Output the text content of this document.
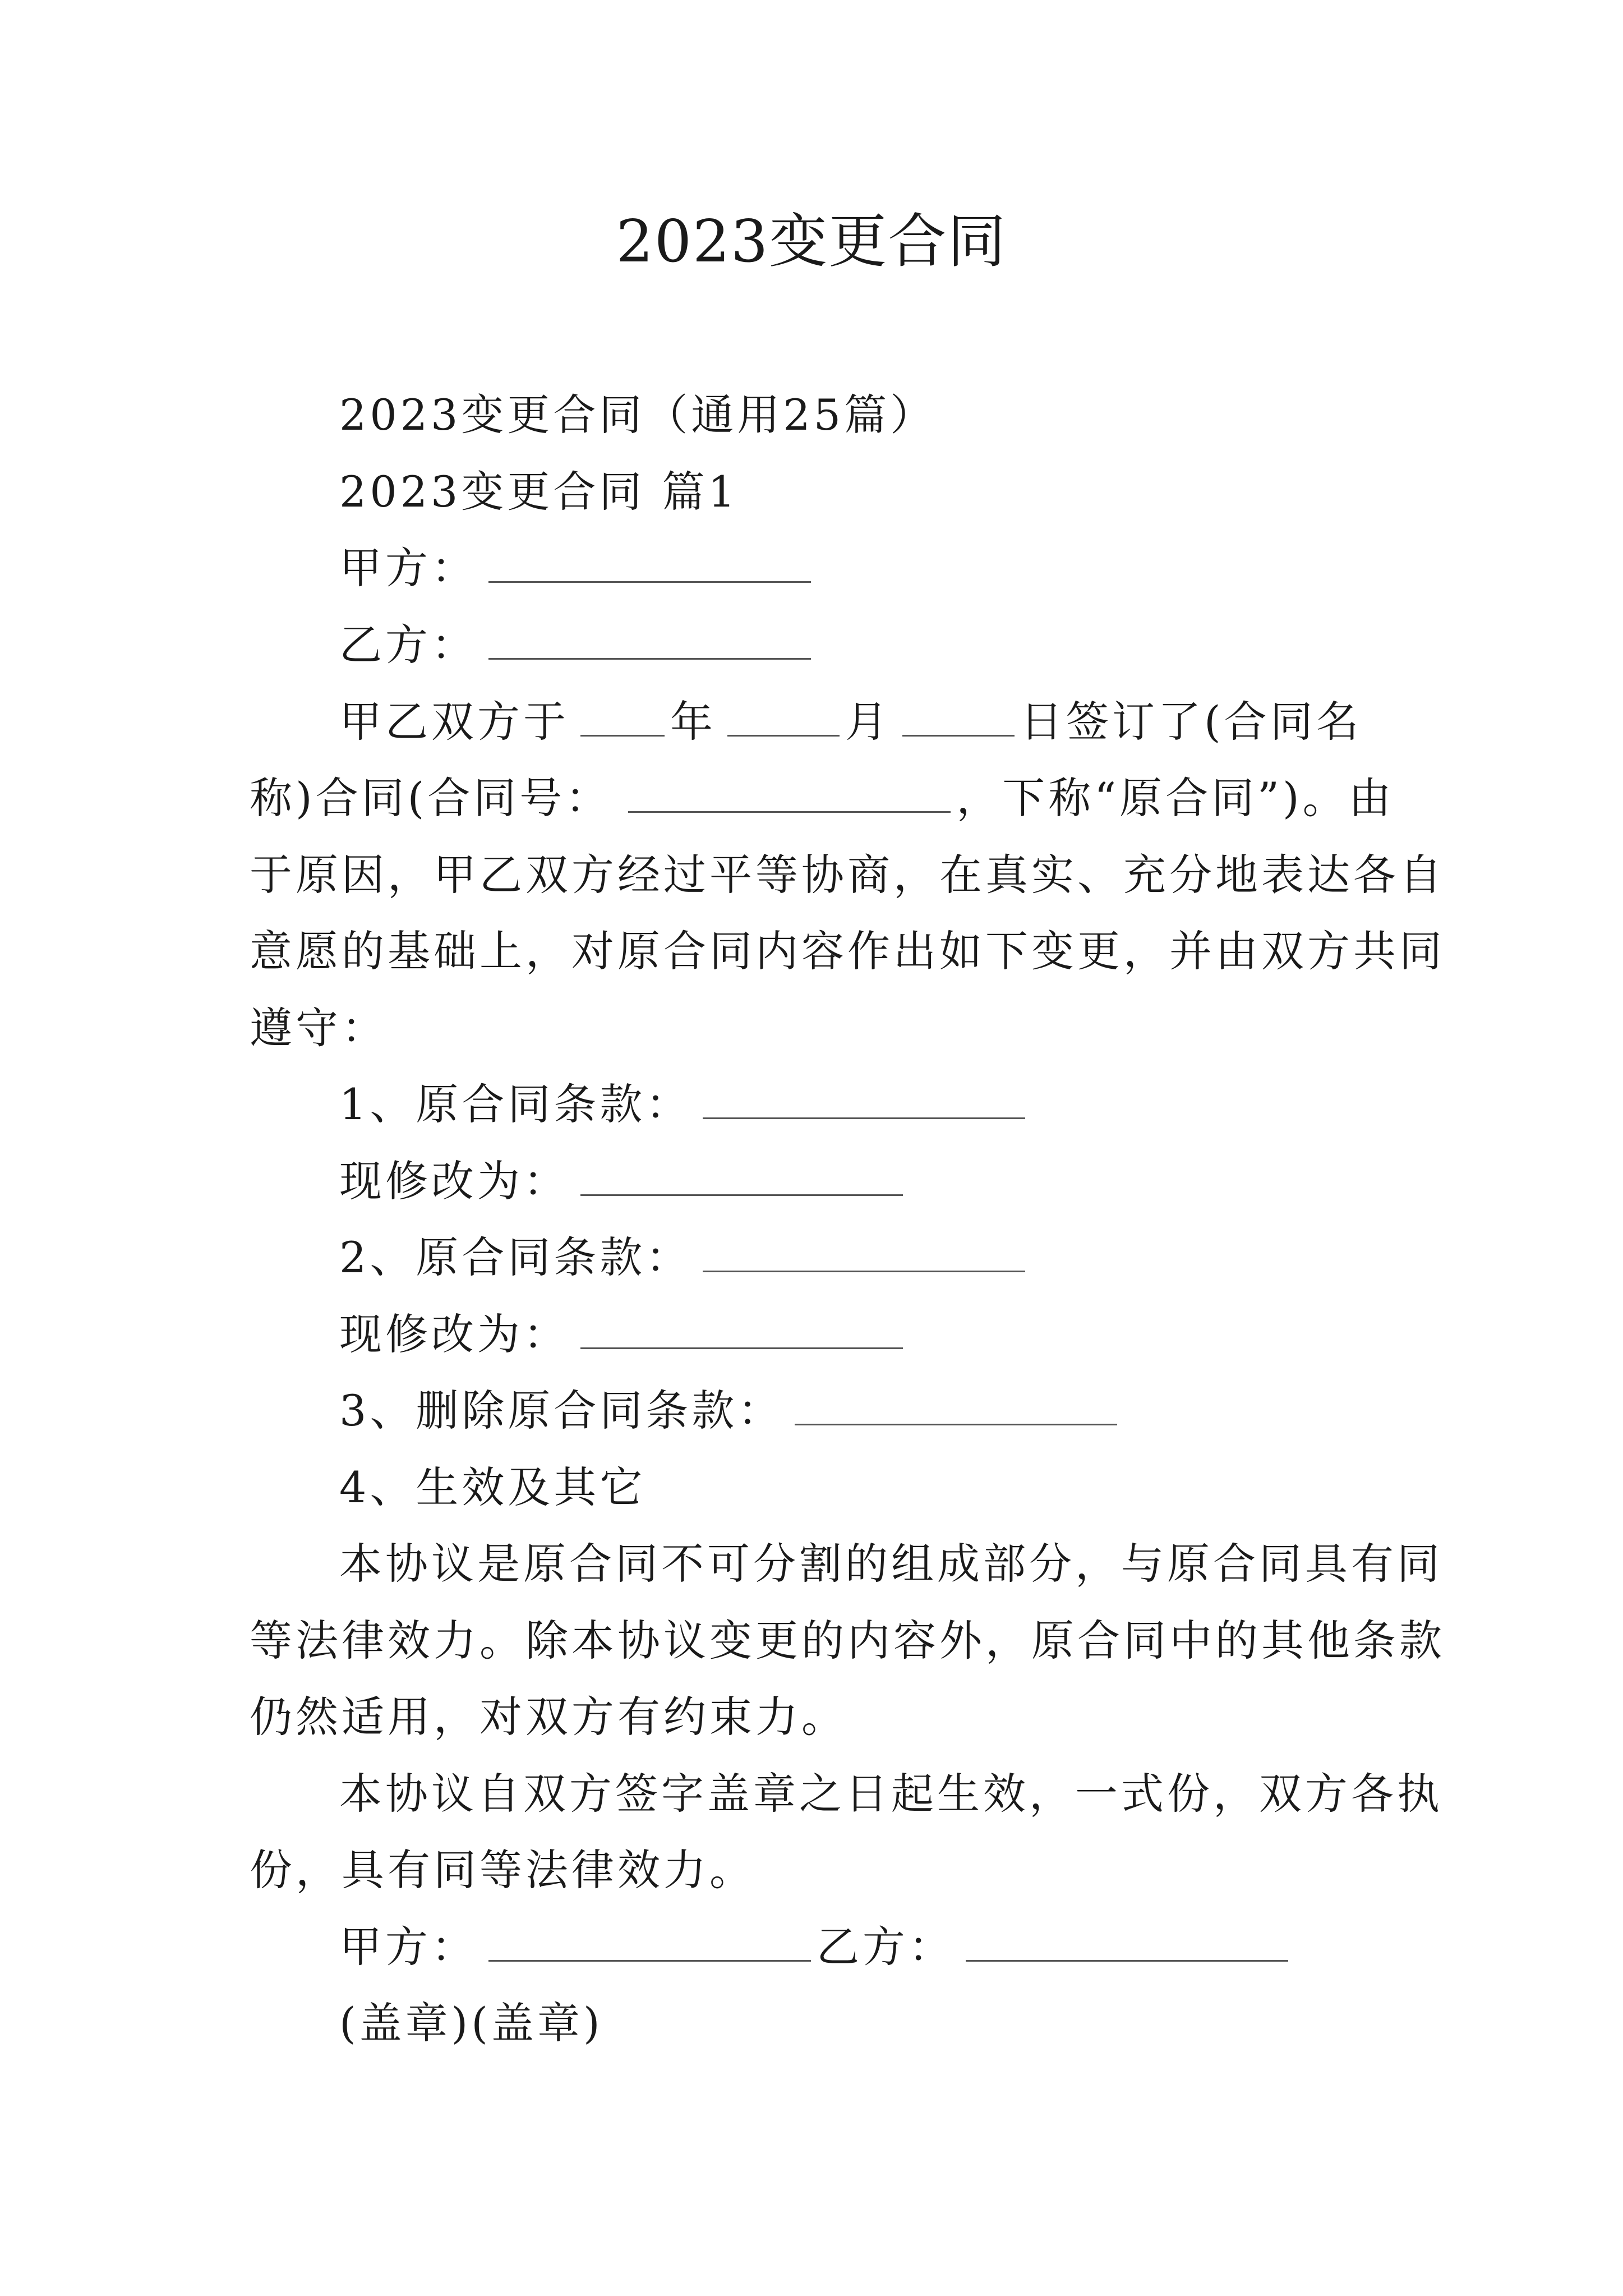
2023变更合同
2023变更合同（通用25篇）
2023变更合同 篇1
甲方：
乙方：
甲乙双方于 年	月	日签订了(合同名
称)合同(合同号：	，下称“原合同”)。由
于原因，甲乙双方经过平等协商，在真实、充分地表达各自
意愿的基础上，对原合同内容作出如下变更，并由双方共同
遵守：
1、原合同条款：
现修改为：
2、原合同条款：
现修改为：
3、删除原合同条款：
4、生效及其它
本协议是原合同不可分割的组成部分，与原合同具有同
等法律效力。除本协议变更的内容外，原合同中的其他条款
仍然适用，对双方有约束力。
本协议自双方签字盖章之日起生效，一式份，双方各执
份，具有同等法律效力。
甲方：	乙方：
(盖章)(盖章)
